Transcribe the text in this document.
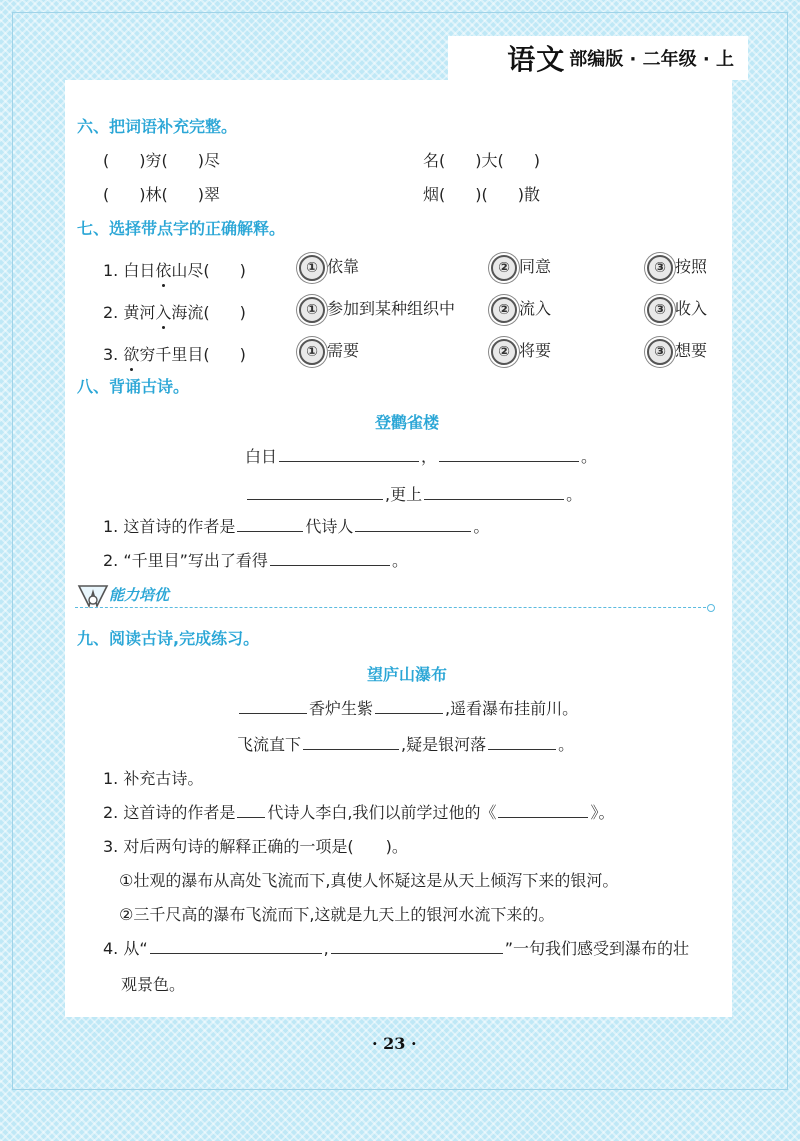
语文 部编版 · 二年级 · 上
六、把词语补充完整。
( )穷( )尽	名( )大( )
( )林( )翠	烟( )( )散
七、选择带点字的正确解释。
1. 白日依山尽( )	① 依靠	② 同意	③ 按照
2. 黄河入海流( )	① 参加到某种组织中	② 流入	③ 收入
3. 欲穷千里目( )	① 需要	② 将要	③ 想要
八、背诵古诗。
登鹳雀楼
白日	，	。
,更上	。
1. 这首诗的作者是	代诗人	。
2. “千里目”写出了看得	。
能力培优
九、阅读古诗,完成练习。
望庐山瀑布
香炉生紫	,遥看瀑布挂前川。
飞流直下	,疑是银河落	。
1. 补充古诗。
2. 这首诗的作者是 代诗人李白,我们以前学过他的《	》。
3. 对后两句诗的解释正确的一项是(　　)。
①壮观的瀑布从高处飞流而下,真使人怀疑这是从天上倾泻下来的银河。
②三千尺高的瀑布飞流而下,这就是九天上的银河水流下来的。
4. 从“	,	”一句我们感受到瀑布的壮
观景色。
· 23 ·
